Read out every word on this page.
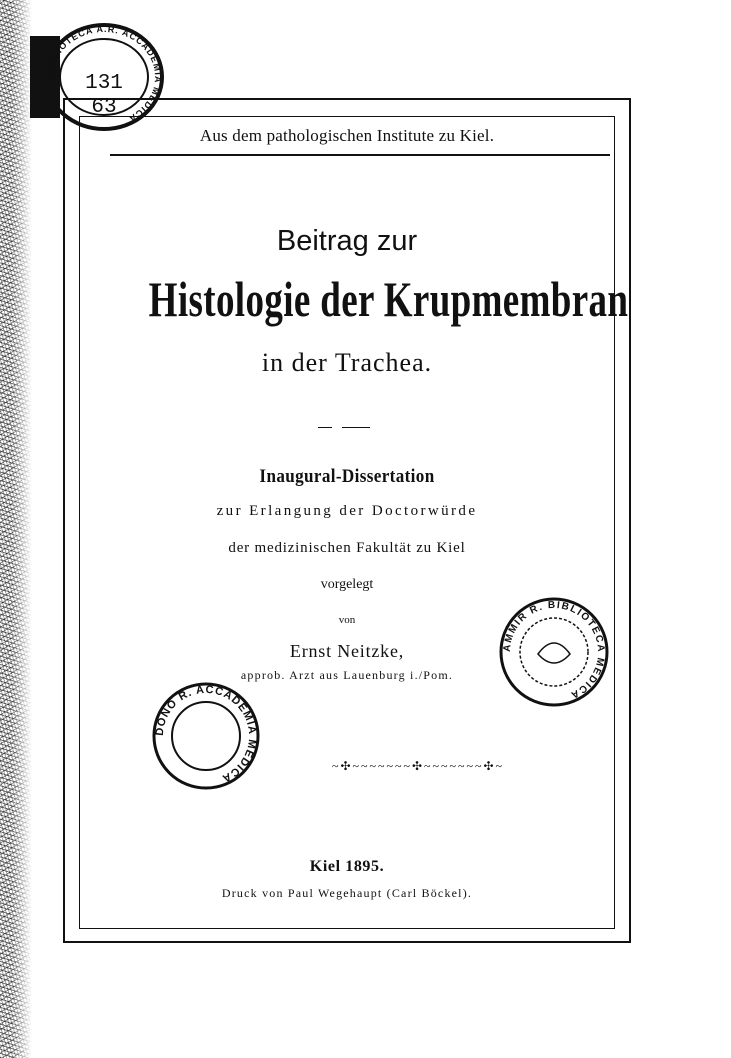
BIBLIOTECA A.R. ACCADEMIA MEDICA
131
63
Aus dem pathologischen Institute zu Kiel.
Beitrag zur
Histologie der Krupmembran
in der Trachea.
Inaugural-Dissertation
zur Erlangung der Doctorwürde
der medizinischen Fakultät zu Kiel
vorgelegt
von
Ernst Neitzke,
approb. Arzt aus Lauenburg i./Pom.
AMMIR R. BIBLIOTECA MEDICA
DONO R. ACCADEMIA MEDICA
~✣~~~~~~~✣~~~~~~~✣~
Kiel 1895.
Druck von Paul Wegehaupt (Carl Böckel).
